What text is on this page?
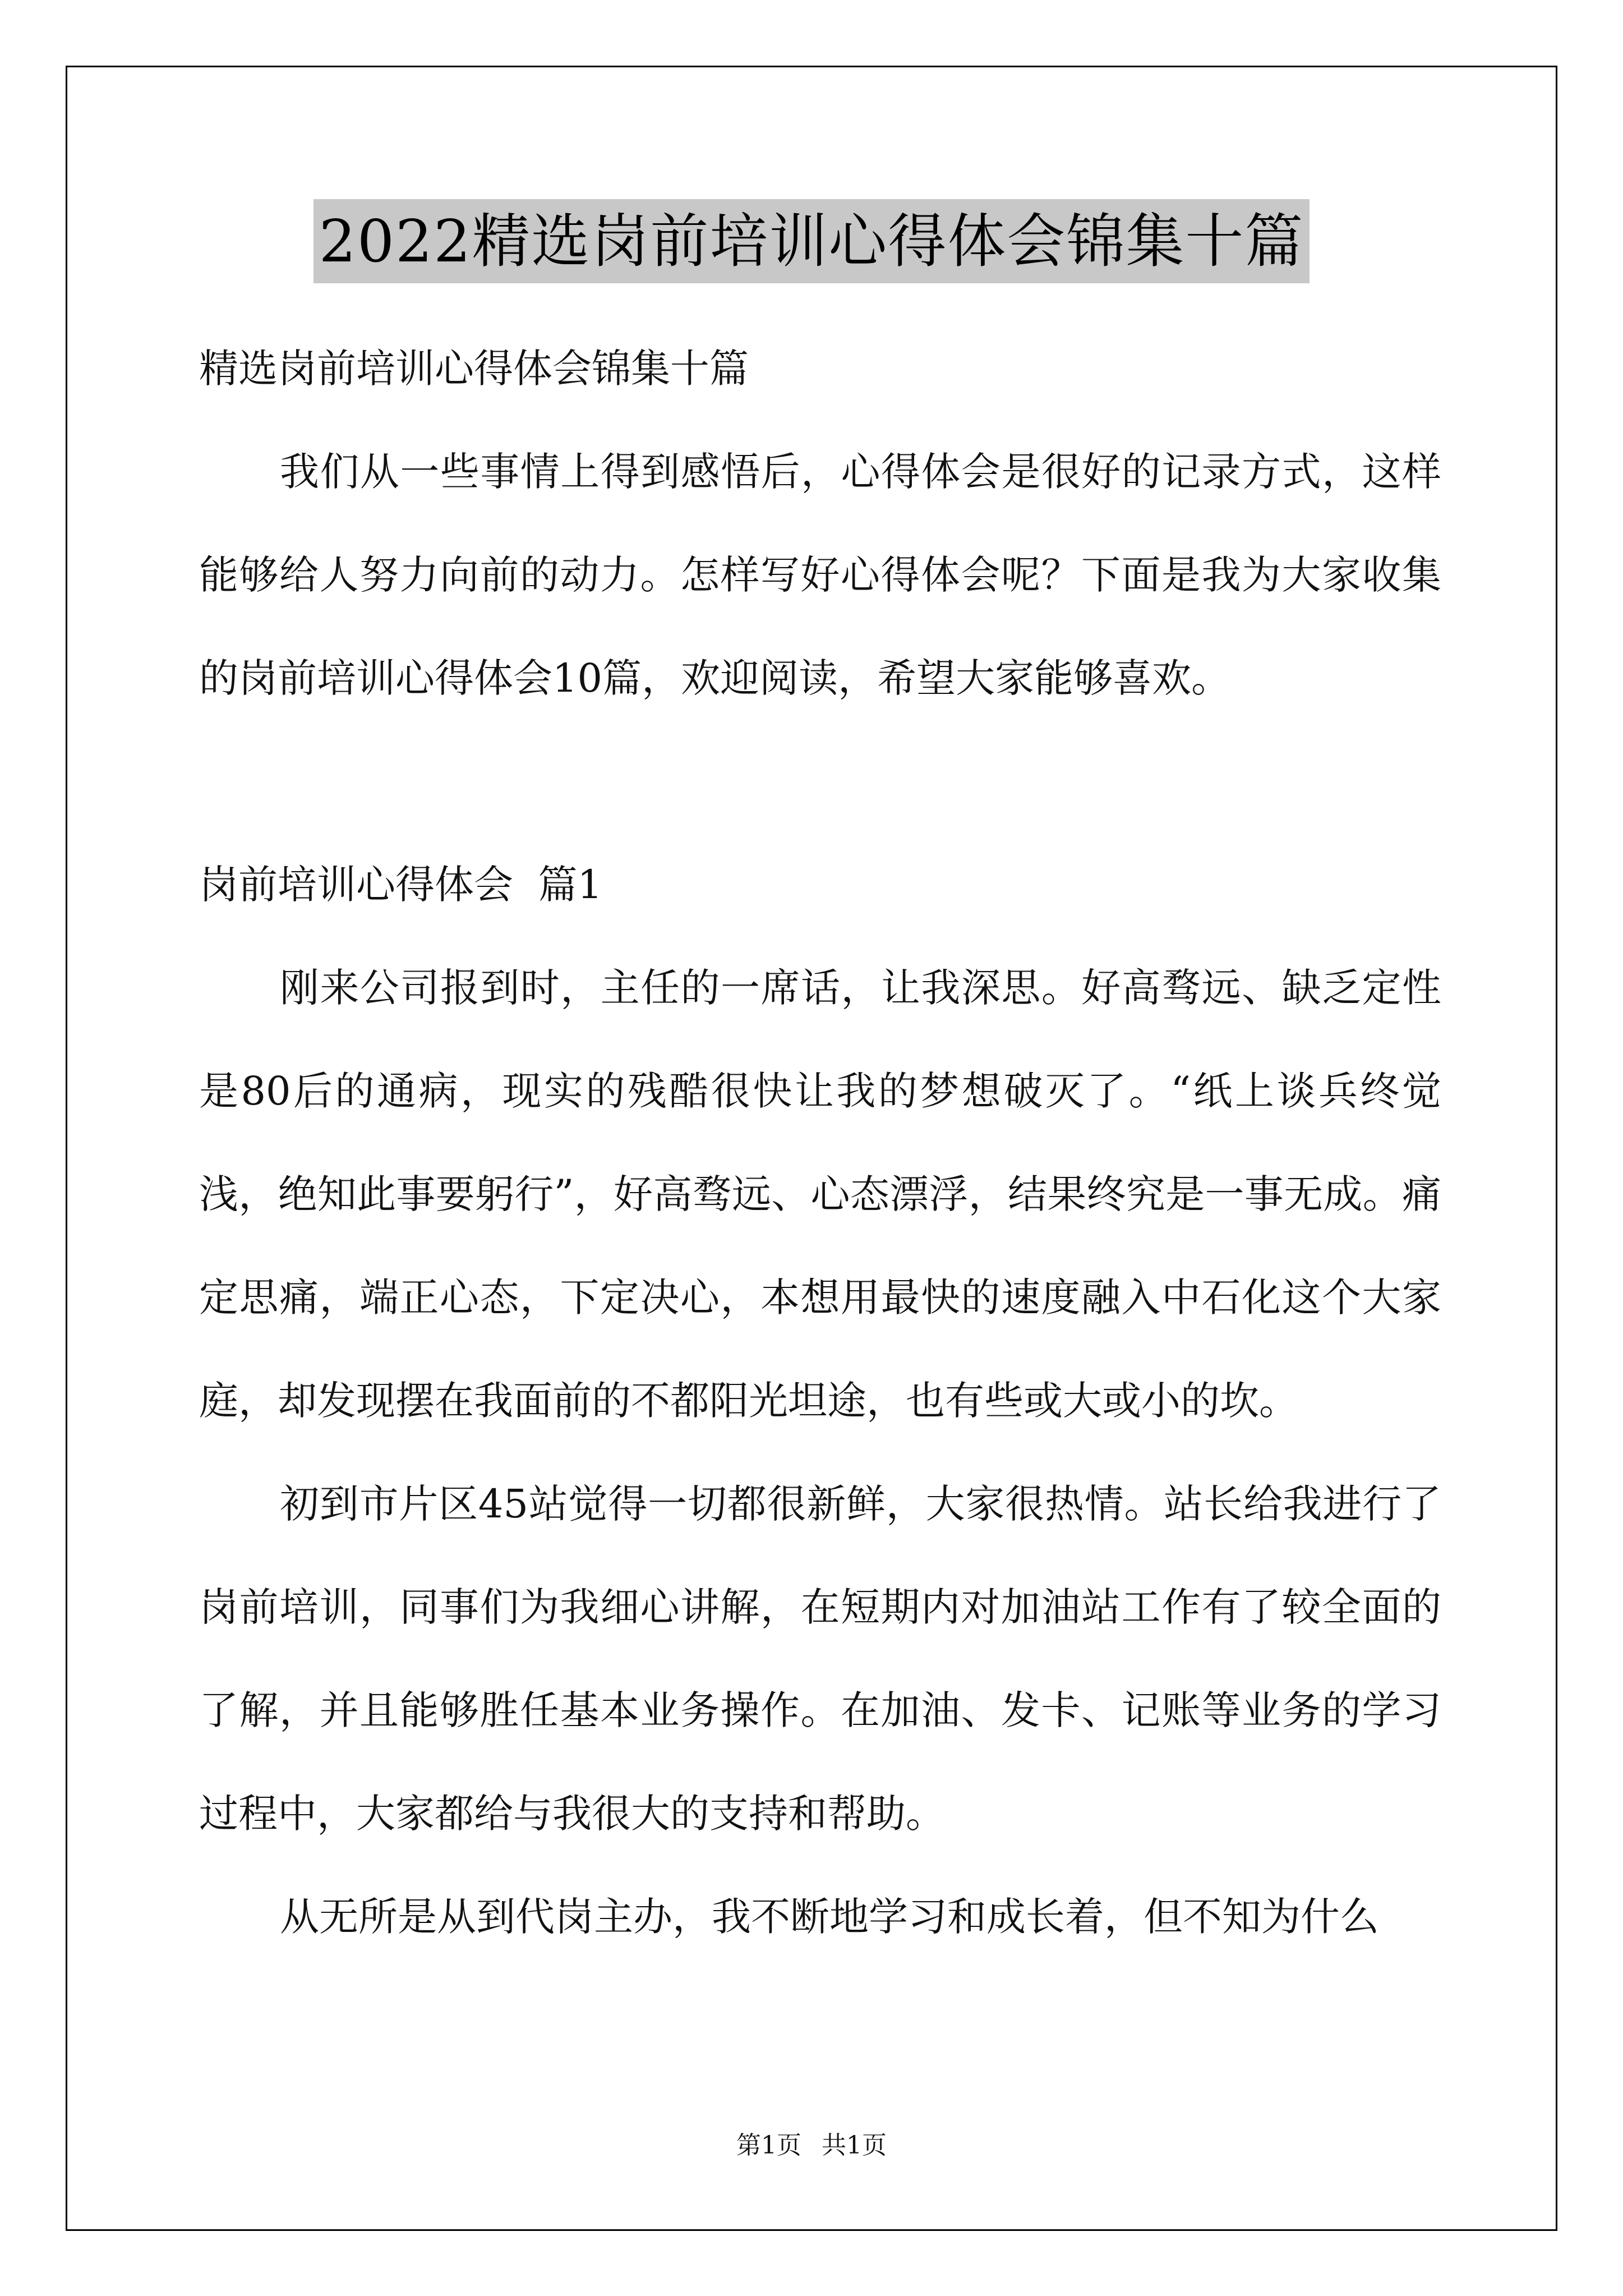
2022精选岗前培训心得体会锦集十篇

精选岗前培训心得体会锦集十篇

我们从一些事情上得到感悟后，心得体会是很好的记录方式，这样能够给人努力向前的动力。怎样写好心得体会呢？下面是我为大家收集的岗前培训心得体会10篇，欢迎阅读，希望大家能够喜欢。

岗前培训心得体会  篇1

刚来公司报到时，主任的一席话，让我深思。好高骛远、缺乏定性是80后的通病，现实的残酷很快让我的梦想破灭了。“纸上谈兵终觉浅，绝知此事要躬行”，好高骛远、心态漂浮，结果终究是一事无成。痛定思痛，端正心态，下定决心，本想用最快的速度融入中石化这个大家庭，却发现摆在我面前的不都阳光坦途，也有些或大或小的坎。

初到市片区45站觉得一切都很新鲜，大家很热情。站长给我进行了岗前培训，同事们为我细心讲解，在短期内对加油站工作有了较全面的了解，并且能够胜任基本业务操作。在加油、发卡、记账等业务的学习过程中，大家都给与我很大的支持和帮助。

从无所是从到代岗主办，我不断地学习和成长着，但不知为什么

第1页 共1页
